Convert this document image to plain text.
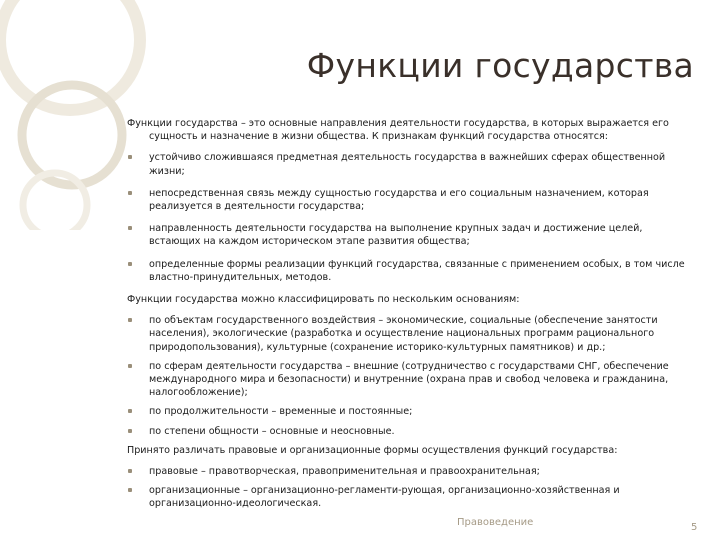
Функции государства

Функции государства – это основные направления деятельности государства, в которых выражается его сущность и назначение в жизни общества. К признакам функций государства относятся:

устойчиво сложившаяся предметная деятельность государства в важнейших сферах общественной жизни;
непосредственная связь между сущностью государства и его социальным назначением, которая реализуется в деятельности государства;
направленность деятельности государства на выполнение крупных задач и достижение целей, встающих на каждом историческом этапе развития общества;
определенные формы реализации функций государства, связанные с применением особых, в том числе властно-принудительных, методов.

Функции государства можно классифицировать по нескольким основаниям:

по объектам государственного воздействия – экономические, социальные (обеспечение занятости населения), экологические (разработка и осуществление национальных программ рационального природопользования), культурные (сохранение историко-культурных памятников) и др.;
по сферам деятельности государства – внешние (сотрудничество с государствами СНГ, обеспечение международного мира и безопасности) и внутренние (охрана прав и свобод человека и гражданина, налогообложение);
по продолжительности – временные и постоянные;
по степени общности – основные и неосновные.

Принято различать правовые и организационные формы осуществления функций государства:

правовые – правотворческая, правоприменительная и правоохранительная;
организационные – организационно-регламенти-рующая, организационно-хозяйственная и организационно-идеологическая.
Правоведение	5
